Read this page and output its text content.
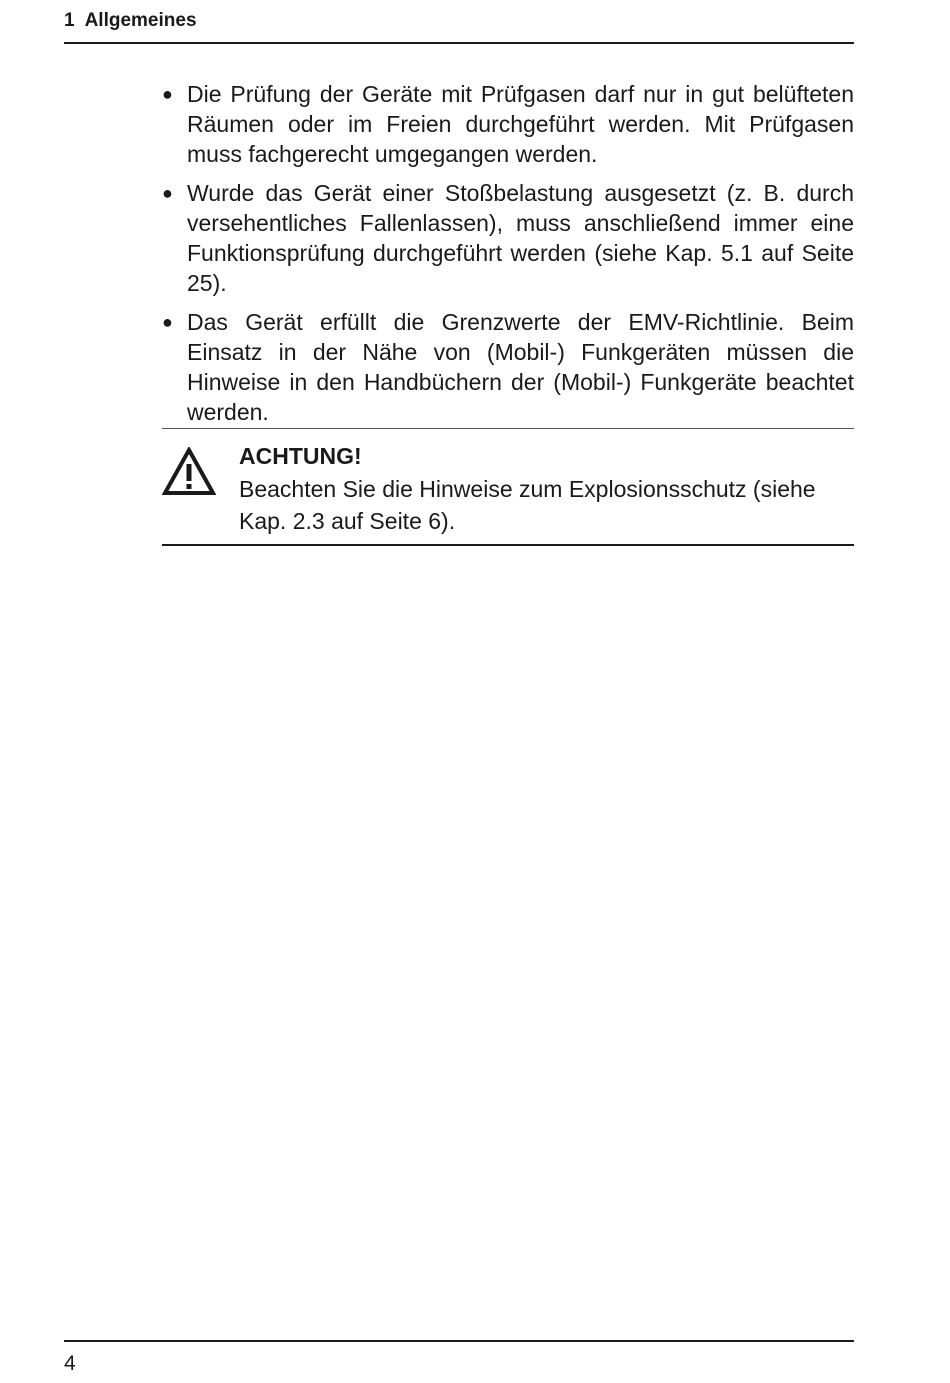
1 Allgemeines
● Die Prüfung der Geräte mit Prüfgasen darf nur in gut belüfteten Räumen oder im Freien durchgeführt werden. Mit Prüfgasen muss fachgerecht umgegangen werden.
● Wurde das Gerät einer Stoßbelastung ausgesetzt (z. B. durch versehentliches Fallenlassen), muss anschließend immer eine Funktionsprüfung durchgeführt werden (siehe Kap. 5.1 auf Seite 25).
● Das Gerät erfüllt die Grenzwerte der EMV-Richtlinie. Beim Einsatz in der Nähe von (Mobil-) Funkgeräten müssen die Hinweise in den Handbüchern der (Mobil-) Funkgeräte beachtet werden.
ACHTUNG!
Beachten Sie die Hinweise zum Explosionsschutz (siehe Kap. 2.3 auf Seite 6).
4
